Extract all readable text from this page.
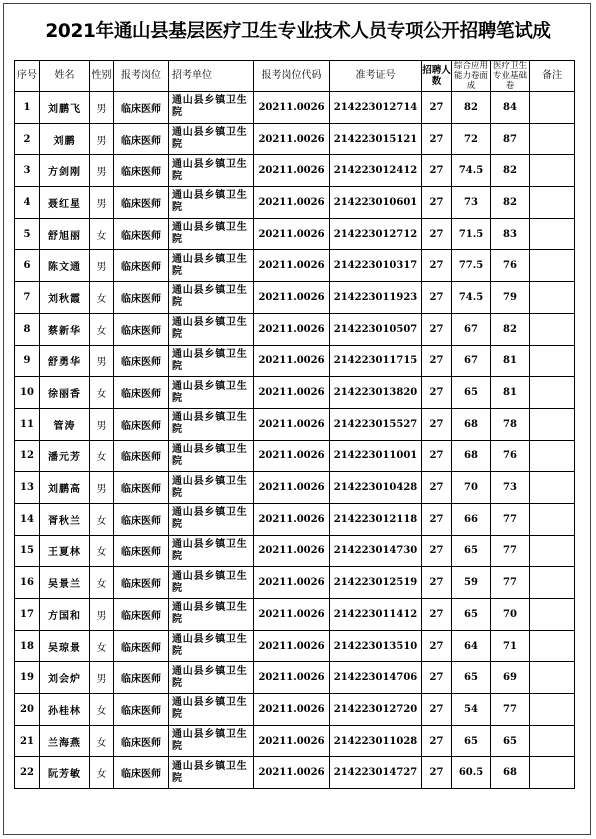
2021年通山县基层医疗卫生专业技术人员专项公开招聘笔试成
序号	姓名	性别	报考岗位	招考单位	报考岗位代码	准考证号	招聘人数	综合应用能力卷面成	医疗卫生专业基础卷	备注
1	刘鹏飞	男	临床医师	通山县乡镇卫生院	20211.0026	214223012714	27	82	84	
2	刘鹏	男	临床医师	通山县乡镇卫生院	20211.0026	214223015121	27	72	87	
3	方剑刚	男	临床医师	通山县乡镇卫生院	20211.0026	214223012412	27	74.5	82	
4	聂红星	男	临床医师	通山县乡镇卫生院	20211.0026	214223010601	27	73	82	
5	舒旭丽	女	临床医师	通山县乡镇卫生院	20211.0026	214223012712	27	71.5	83	
6	陈文通	男	临床医师	通山县乡镇卫生院	20211.0026	214223010317	27	77.5	76	
7	刘秋霞	女	临床医师	通山县乡镇卫生院	20211.0026	214223011923	27	74.5	79	
8	蔡新华	女	临床医师	通山县乡镇卫生院	20211.0026	214223010507	27	67	82	
9	舒勇华	男	临床医师	通山县乡镇卫生院	20211.0026	214223011715	27	67	81	
10	徐丽香	女	临床医师	通山县乡镇卫生院	20211.0026	214223013820	27	65	81	
11	管涛	男	临床医师	通山县乡镇卫生院	20211.0026	214223015527	27	68	78	
12	潘元芳	女	临床医师	通山县乡镇卫生院	20211.0026	214223011001	27	68	76	
13	刘鹏高	男	临床医师	通山县乡镇卫生院	20211.0026	214223010428	27	70	73	
14	胥秋兰	女	临床医师	通山县乡镇卫生院	20211.0026	214223012118	27	66	77	
15	王夏林	女	临床医师	通山县乡镇卫生院	20211.0026	214223014730	27	65	77	
16	吴景兰	女	临床医师	通山县乡镇卫生院	20211.0026	214223012519	27	59	77	
17	方国和	男	临床医师	通山县乡镇卫生院	20211.0026	214223011412	27	65	70	
18	吴琼景	女	临床医师	通山县乡镇卫生院	20211.0026	214223013510	27	64	71	
19	刘会炉	男	临床医师	通山县乡镇卫生院	20211.0026	214223014706	27	65	69	
20	孙桂林	女	临床医师	通山县乡镇卫生院	20211.0026	214223012720	27	54	77	
21	兰海燕	女	临床医师	通山县乡镇卫生院	20211.0026	214223011028	27	65	65	
22	阮芳敏	女	临床医师	通山县乡镇卫生院	20211.0026	214223014727	27	60.5	68	
